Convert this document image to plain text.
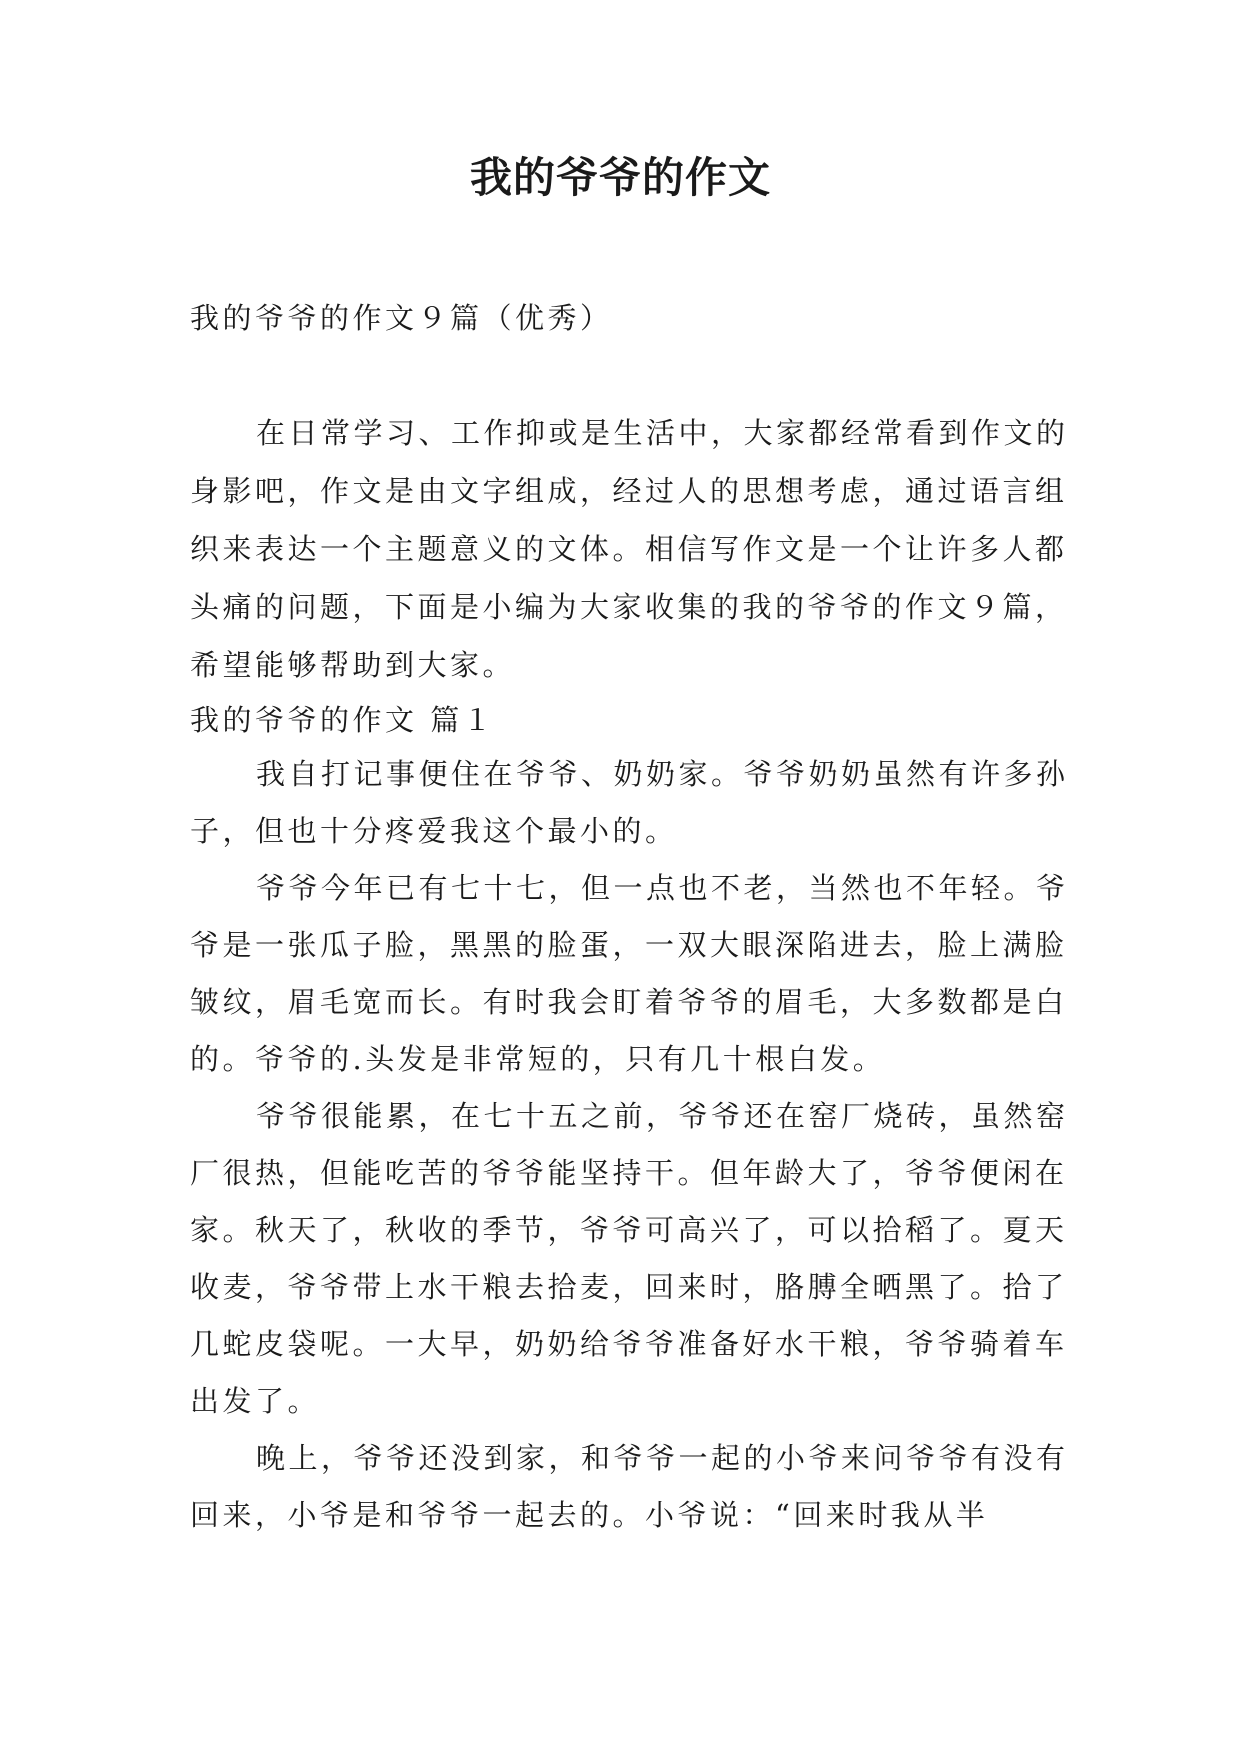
我的爷爷的作文

我的爷爷的作文９篇（优秀）

在日常学习、工作抑或是生活中，大家都经常看到作文的身影吧，作文是由文字组成，经过人的思想考虑，通过语言组织来表达一个主题意义的文体。相信写作文是一个让许多人都头痛的问题，下面是小编为大家收集的我的爷爷的作文９篇，希望能够帮助到大家。

我的爷爷的作文 篇１

我自打记事便住在爷爷、奶奶家。爷爷奶奶虽然有许多孙子，但也十分疼爱我这个最小的。

爷爷今年已有七十七，但一点也不老，当然也不年轻。爷爷是一张瓜子脸，黑黑的脸蛋，一双大眼深陷进去，脸上满脸皱纹，眉毛宽而长。有时我会盯着爷爷的眉毛，大多数都是白的。爷爷的.头发是非常短的，只有几十根白发。

爷爷很能累，在七十五之前，爷爷还在窑厂烧砖，虽然窑厂很热，但能吃苦的爷爷能坚持干。但年龄大了，爷爷便闲在家。秋天了，秋收的季节，爷爷可高兴了，可以拾稻了。夏天收麦，爷爷带上水干粮去拾麦，回来时，胳膊全晒黑了。拾了几蛇皮袋呢。一大早，奶奶给爷爷准备好水干粮，爷爷骑着车出发了。

晚上，爷爷还没到家，和爷爷一起的小爷来问爷爷有没有回来，小爷是和爷爷一起去的。小爷说：“回来时我从半
